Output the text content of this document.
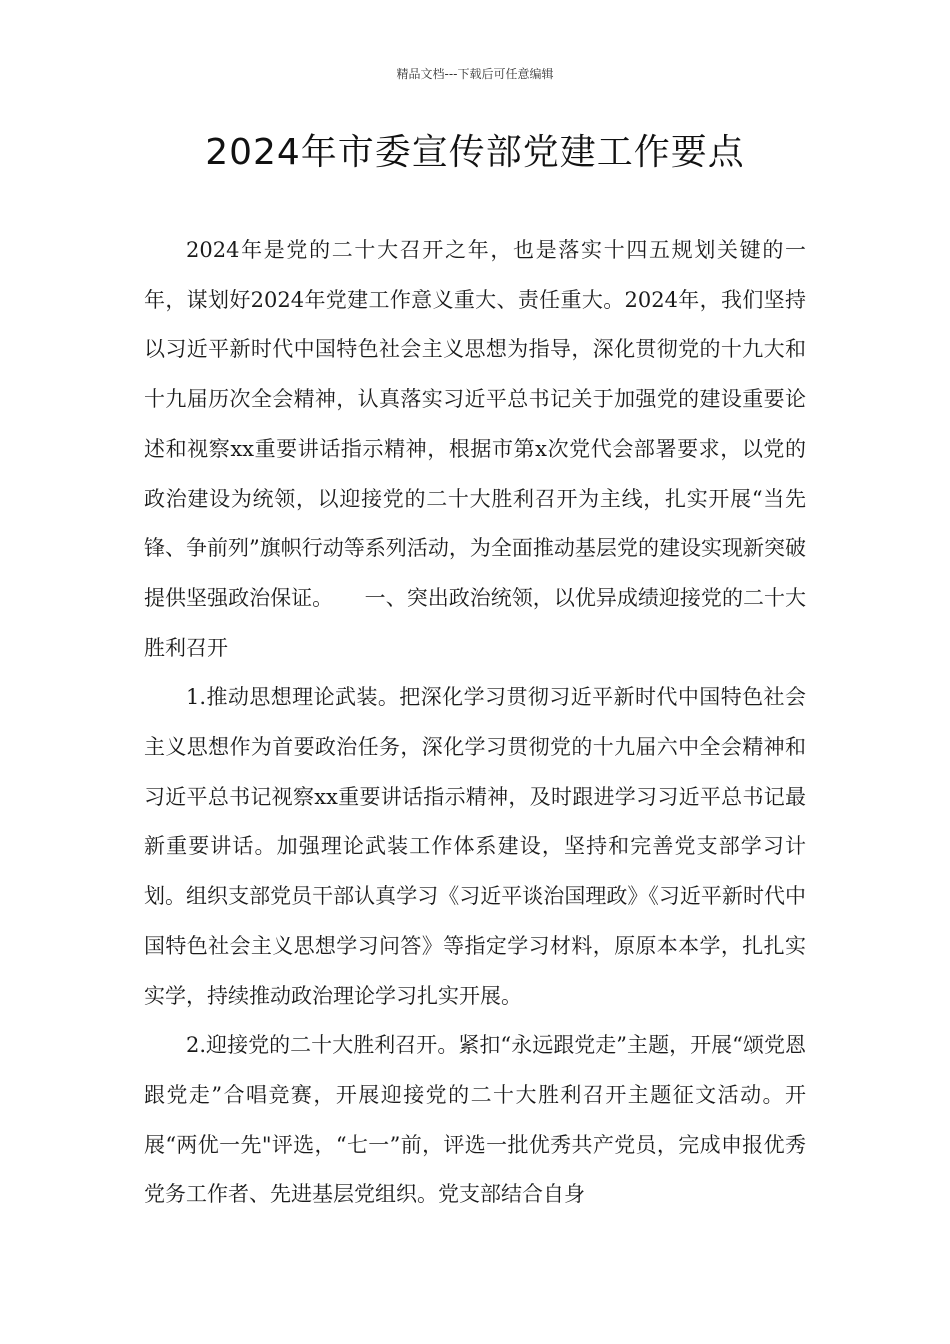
精品文档---下载后可任意编辑
2024年市委宣传部党建工作要点

2024年是党的二十大召开之年，也是落实十四五规划关键的一年，谋划好2024年党建工作意义重大、责任重大。2024年，我们坚持以习近平新时代中国特色社会主义思想为指导，深化贯彻党的十九大和十九届历次全会精神，认真落实习近平总书记关于加强党的建设重要论述和视察xx重要讲话指示精神，根据市第x次党代会部署要求，以党的政治建设为统领，以迎接党的二十大胜利召开为主线，扎实开展“当先锋、争前列”旗帜行动等系列活动，为全面推动基层党的建设实现新突破提供坚强政治保证。　　一、突出政治统领，以优异成绩迎接党的二十大胜利召开

1.推动思想理论武装。把深化学习贯彻习近平新时代中国特色社会主义思想作为首要政治任务，深化学习贯彻党的十九届六中全会精神和习近平总书记视察xx重要讲话指示精神，及时跟进学习习近平总书记最新重要讲话。加强理论武装工作体系建设，坚持和完善党支部学习计划。组织支部党员干部认真学习《习近平谈治国理政》《习近平新时代中国特色社会主义思想学习问答》等指定学习材料，原原本本学，扎扎实实学，持续推动政治理论学习扎实开展。

2.迎接党的二十大胜利召开。紧扣“永远跟党走”主题，开展“颂党恩跟党走”合唱竞赛，开展迎接党的二十大胜利召开主题征文活动。开展“两优一先"评选，“七一”前，评选一批优秀共产党员，完成申报优秀党务工作者、先进基层党组织。党支部结合自身
